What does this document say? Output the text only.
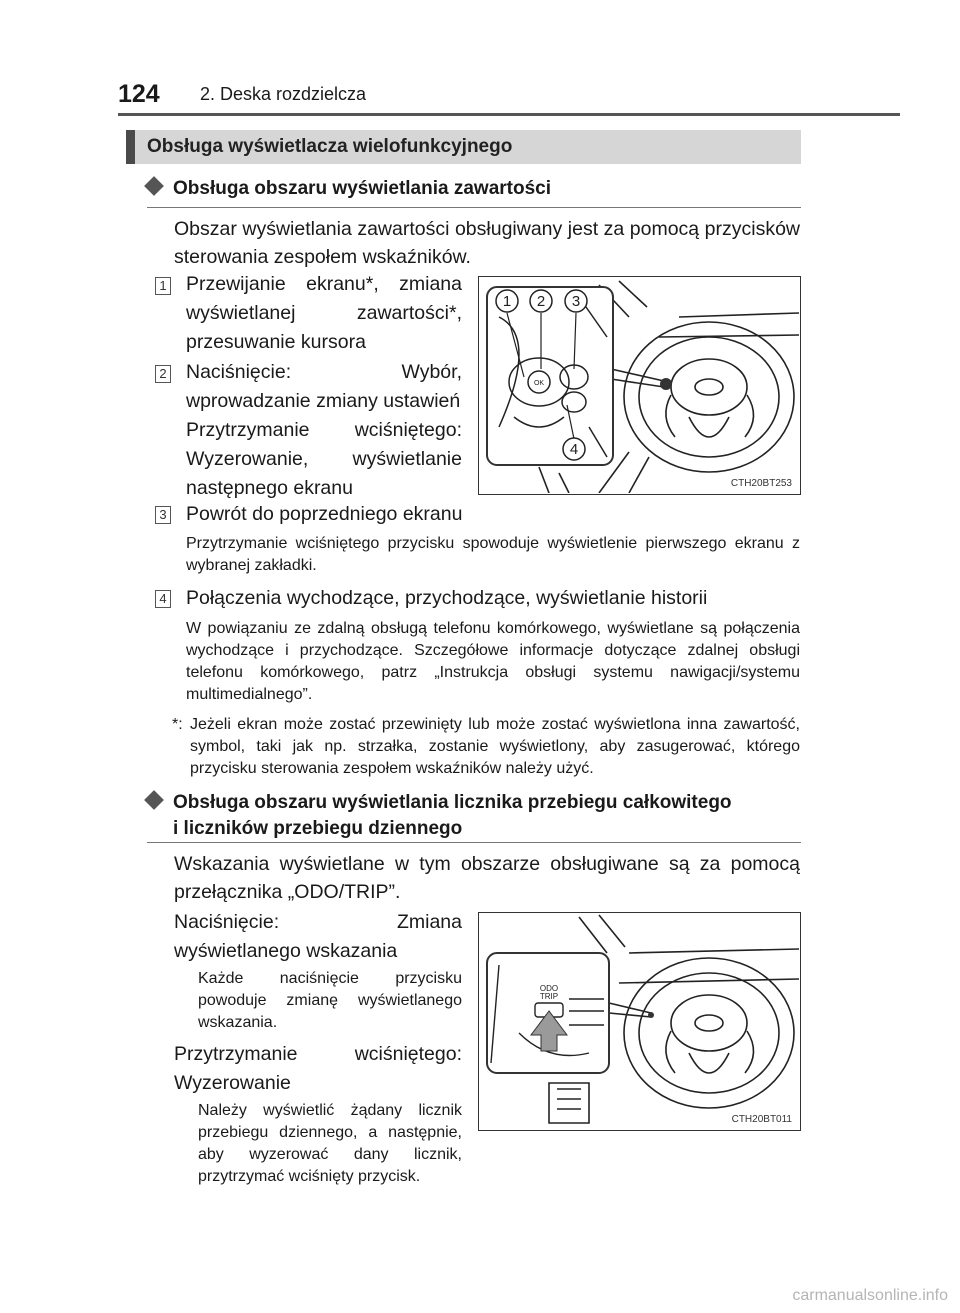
124 2. Deska rozdzielcza
Obsługa wyświetlacza wielofunkcyjnego
Obsługa obszaru wyświetlania zawartości
Obszar wyświetlania zawartości obsługiwany jest za pomocą przycisków sterowania zespołem wskaźników.
1 Przewijanie ekranu*, zmiana wyświetlanej zawartości*, przesuwanie kursora
2 Naciśnięcie: Wybór, wprowadzanie zmiany ustawień
Przytrzymanie wciśniętego: Wyzerowanie, wyświetlanie następnego ekranu
OK
1 2 3
4
CTH20BT253
3 Powrót do poprzedniego ekranu
Przytrzymanie wciśniętego przycisku spowoduje wyświetlenie pierwszego ekranu z wybranej zakładki.
4 Połączenia wychodzące, przychodzące, wyświetlanie historii
W powiązaniu ze zdalną obsługą telefonu komórkowego, wyświetlane są połączenia wychodzące i przychodzące. Szczegółowe informacje dotyczące zdalnej obsługi telefonu komórkowego, patrz „Instrukcja obsługi systemu nawigacji/systemu multimedialnego”.
*: Jeżeli ekran może zostać przewinięty lub może zostać wyświetlona inna zawartość, symbol, taki jak np. strzałka, zostanie wyświetlony, aby zasugerować, którego przycisku sterowania zespołem wskaźników należy użyć.
Obsługa obszaru wyświetlania licznika przebiegu całkowitego
i liczników przebiegu dziennego
Wskazania wyświetlane w tym obszarze obsługiwane są za pomocą przełącznika „ODO/TRIP”.
Naciśnięcie: Zmiana wyświetlanego wskazania
Każde naciśnięcie przycisku powoduje zmianę wyświetlanego wskazania.
Przytrzymanie wciśniętego: Wyzerowanie
Należy wyświetlić żądany licznik przebiegu dziennego, a następnie, aby wyzerować dany licznik, przytrzymać wciśnięty przycisk.
ODO
TRIP
CTH20BT011
carmanualsonline.info
